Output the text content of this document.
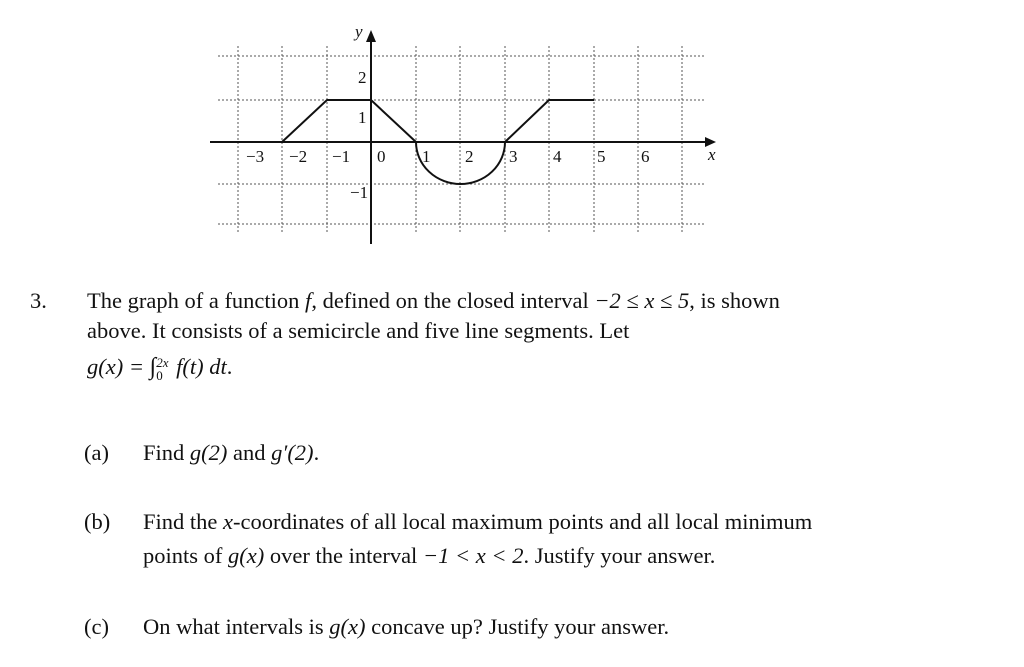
y
x
−3 −2 −1 0 1 2 3 4 5 6
2
1
−1
3. The graph of a function f, defined on the closed interval −2 ≤ x ≤ 5, is shown
above. It consists of a semicircle and five line segments. Let
g(x) = ∫ 2x
0 f(t) dt.
(a) Find g(2) and g′(2).
(b) Find the x-coordinates of all local maximum points and all local minimum
points of g(x) over the interval −1 < x < 2. Justify your answer.
(c) On what intervals is g(x) concave up? Justify your answer.
